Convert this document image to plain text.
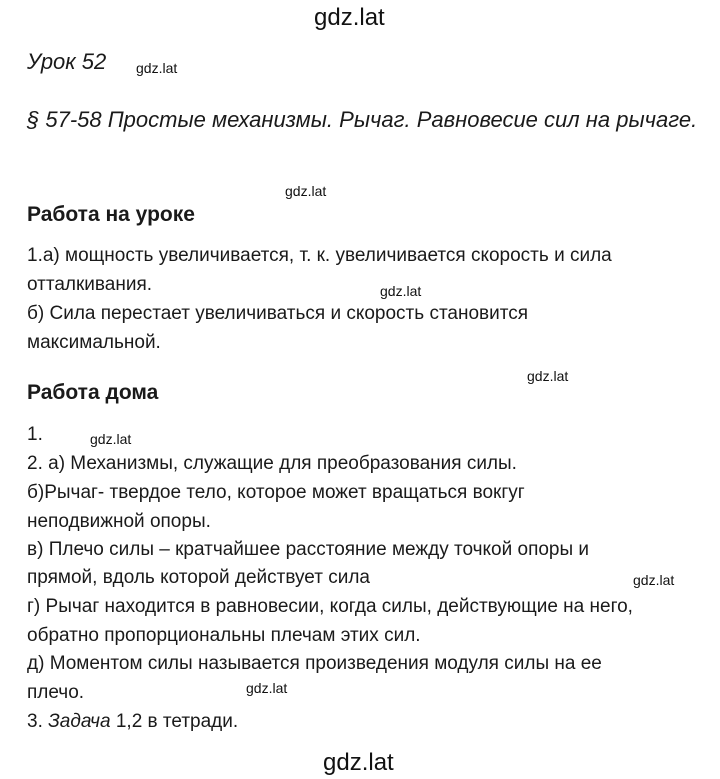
gdz.lat
gdz.lat
gdz.lat
gdz.lat
gdz.lat
gdz.lat
gdz.lat
gdz.lat
gdz.lat
Урок 52
§ 57-58 Простые механизмы. Рычаг. Равновесие сил на рычаге.
Работа на уроке
1.а) мощность увеличивается, т. к. увеличивается скорость и сила
отталкивания.
б) Сила перестает увеличиваться и скорость становится
максимальной.
Работа дома
1.
2. а) Механизмы, служащие для преобразования силы.
б)Рычаг- твердое тело, которое может вращаться вокгуг
неподвижной опоры.
в) Плечо силы – кратчайшее расстояние между точкой опоры и
прямой, вдоль которой действует сила
г) Рычаг находится в равновесии, когда силы, действующие на него,
обратно пропорциональны плечам этих сил.
д) Моментом силы называется произведения модуля силы на ее
плечо.
3. Задача 1,2 в тетради.
